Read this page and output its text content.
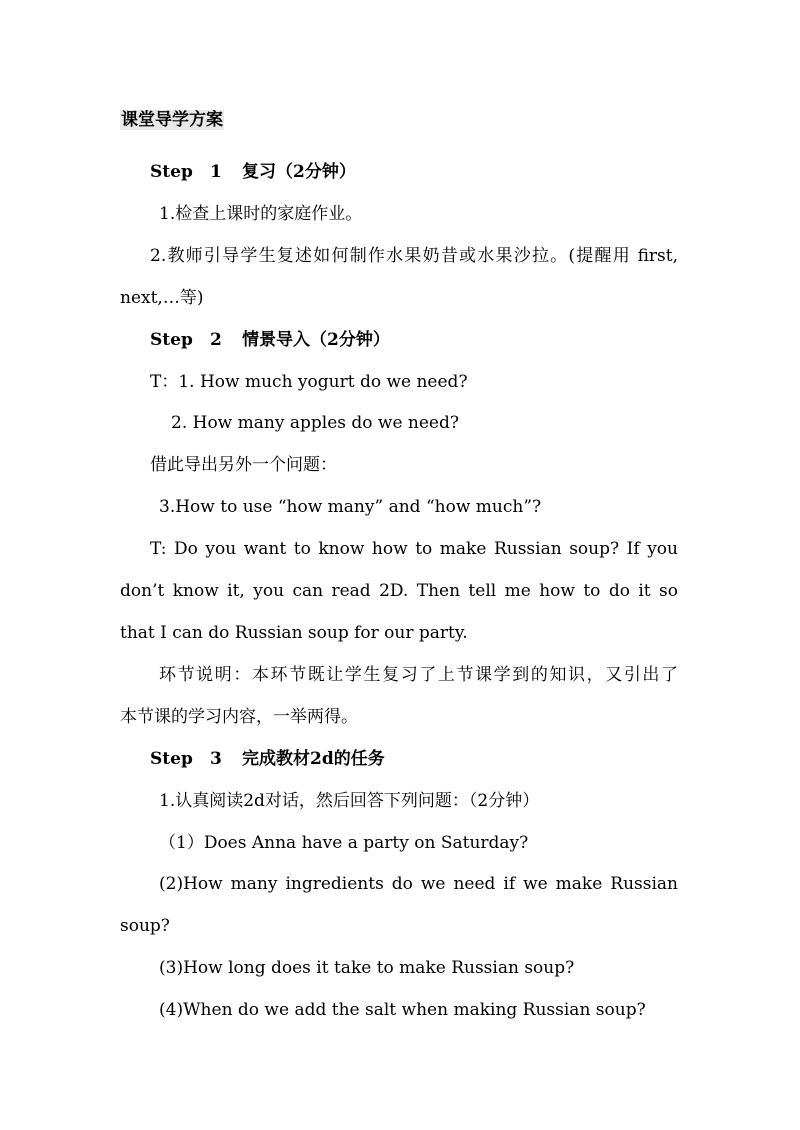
课堂导学方案
Step 1 复习（2分钟）
1.检查上课时的家庭作业。
2.教师引导学生复述如何制作水果奶昔或水果沙拉。(提醒用 first,
next,…等)
Step 2 情景导入（2分钟）
T：1. How much yogurt do we need?
2. How many apples do we need?
借此导出另外一个问题：
3.How to use “how many” and “how much”?
T: Do you want to know how to make Russian soup? If you
don’t know it, you can read 2D. Then tell me how to do it so
that I can do Russian soup for our party.
环节说明：本环节既让学生复习了上节课学到的知识，又引出了
本节课的学习内容，一举两得。
Step 3 完成教材2d的任务
1.认真阅读2d对话，然后回答下列问题：（2分钟）
（1）Does Anna have a party on Saturday?
(2)How many ingredients do we need if we make Russian
soup?
(3)How long does it take to make Russian soup?
(4)When do we add the salt when making Russian soup?
